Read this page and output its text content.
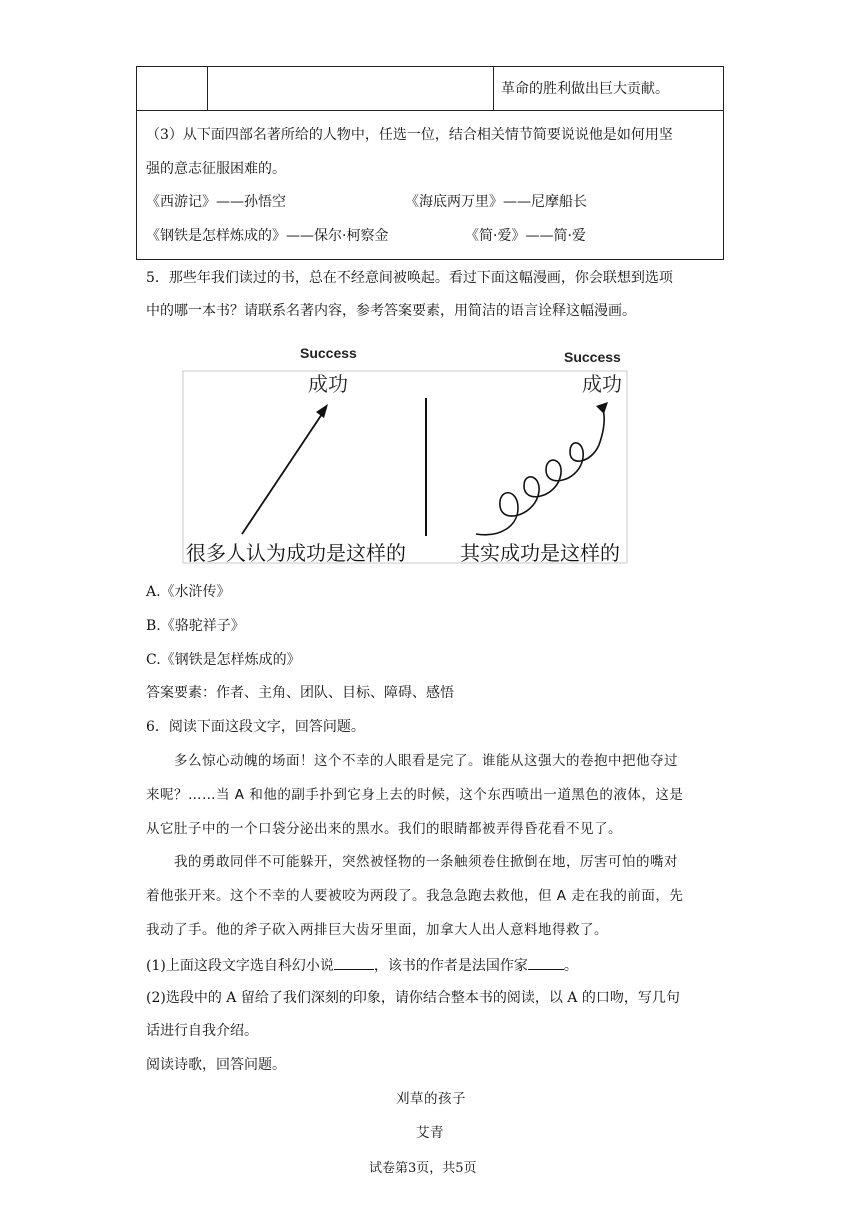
革命的胜利做出巨大贡献。
（3）从下面四部名著所给的人物中，任选一位，结合相关情节简要说说他是如何用坚
强的意志征服困难的。
《西游记》——孙悟空	《海底两万里》——尼摩船长
《钢铁是怎样炼成的》——保尔·柯察金	《简·爱》——简·爱
5．那些年我们读过的书，总在不经意间被唤起。看过下面这幅漫画，你会联想到选项
中的哪一本书？请联系名著内容，参考答案要素，用简洁的语言诠释这幅漫画。
Success
成功
Success
成功
很多人认为成功是这样的	其实成功是这样的
A.《水浒传》
B.《骆驼祥子》
C.《钢铁是怎样炼成的》
答案要素：作者、主角、团队、目标、障碍、感悟
6．阅读下面这段文字，回答问题。
多么惊心动魄的场面！这个不幸的人眼看是完了。谁能从这强大的卷抱中把他夺过
来呢？……当 A 和他的副手扑到它身上去的时候，这个东西喷出一道黑色的液体，这是
从它肚子中的一个口袋分泌出来的黑水。我们的眼睛都被弄得昏花看不见了。
我的勇敢同伴不可能躲开，突然被怪物的一条触须卷住掀倒在地，厉害可怕的嘴对
着他张开来。这个不幸的人要被咬为两段了。我急急跑去救他，但 A 走在我的前面，先
我动了手。他的斧子砍入两排巨大齿牙里面，加拿大人出人意料地得救了。
(1)上面这段文字选自科幻小说	，该书的作者是法国作家	。
(2)选段中的 A 留给了我们深刻的印象，请你结合整本书的阅读，以 A 的口吻，写几句
话进行自我介绍。
阅读诗歌，回答问题。
刈草的孩子
艾青
试卷第3页，共5页
